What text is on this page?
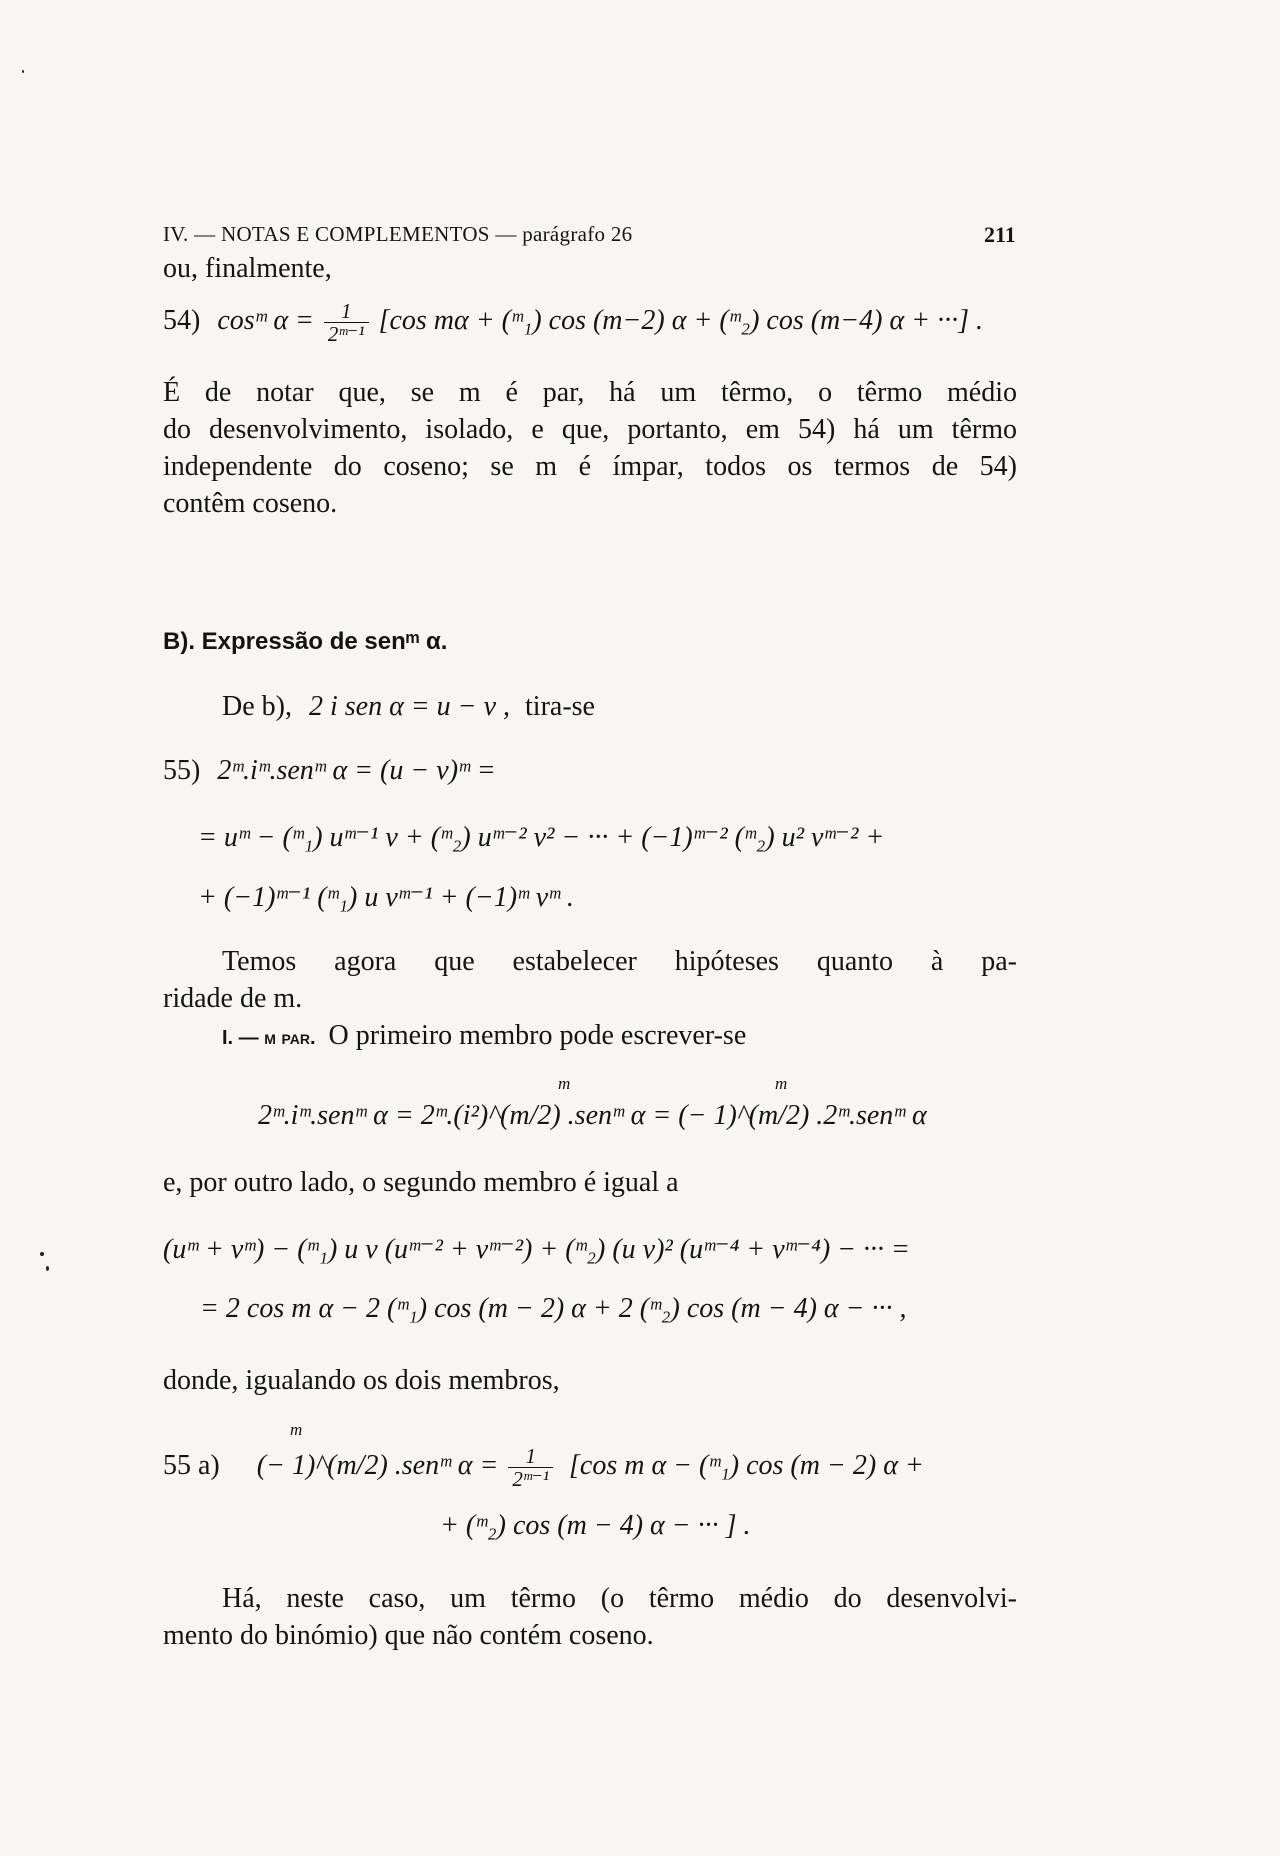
IV. — NOTAS E COMPLEMENTOS — parágrafo 26	211
ou, finalmente,
54) cosᵐ $\alpha = \frac{1}{\text{2ᵐ⁻¹}} [\cos$ mα + (ᵐ₁) cos (m−2) α + (ᵐ₂) cos (m−4) α + ···] .
É de notar que, se m é par, há um têrmo, o têrmo médio
do desenvolvimento, isolado, e que, portanto, em 54) há um têrmo
independente do coseno; se m é ímpar, todos os termos de 54)
contêm coseno.
B). Expressão de senᵐ α.
De b), 2 i sen α = u − v , tira-se
55) 2ᵐ.iᵐ.senᵐ α = (u − v)ᵐ =
= uᵐ − (ᵐ₁) uᵐ⁻¹ v + (ᵐ₂) uᵐ⁻² v² − ··· + (−1)ᵐ⁻² (ᵐ₂) u² vᵐ⁻² +
+ (−1)ᵐ⁻¹ (ᵐ₁) u vᵐ⁻¹ + (−1)ᵐ vᵐ .
Temos agora que estabelecer hipóteses quanto à pa-
ridade de m.
I. — m par. O primeiro membro pode escrever-se
m	m
2ᵐ.iᵐ.senᵐ α = 2ᵐ.(i²)^(m/2) .senᵐ α = (− 1)^(m/2) .2ᵐ.senᵐ α
e, por outro lado, o segundo membro é igual a
(uᵐ + vᵐ) − (ᵐ₁) u v (uᵐ⁻² + vᵐ⁻²) + (ᵐ₂) (u v)² (uᵐ⁻⁴ + vᵐ⁻⁴) − ··· =
= 2 cos m α − 2 (ᵐ₁) cos (m − 2) α + 2 (ᵐ₂) cos (m − 4) α − ··· ,
donde, igualando os dois membros,
m
55 a) (− 1)^(m/2) .senᵐ $\alpha = \frac{1}{\text{2ᵐ⁻¹}} [\cos$ m α − (ᵐ₁) cos (m − 2) α +
+ (ᵐ₂) cos (m − 4) α − ··· ] .
Há, neste caso, um têrmo (o têrmo médio do desenvolvi-
mento do binómio) que não contém coseno.
